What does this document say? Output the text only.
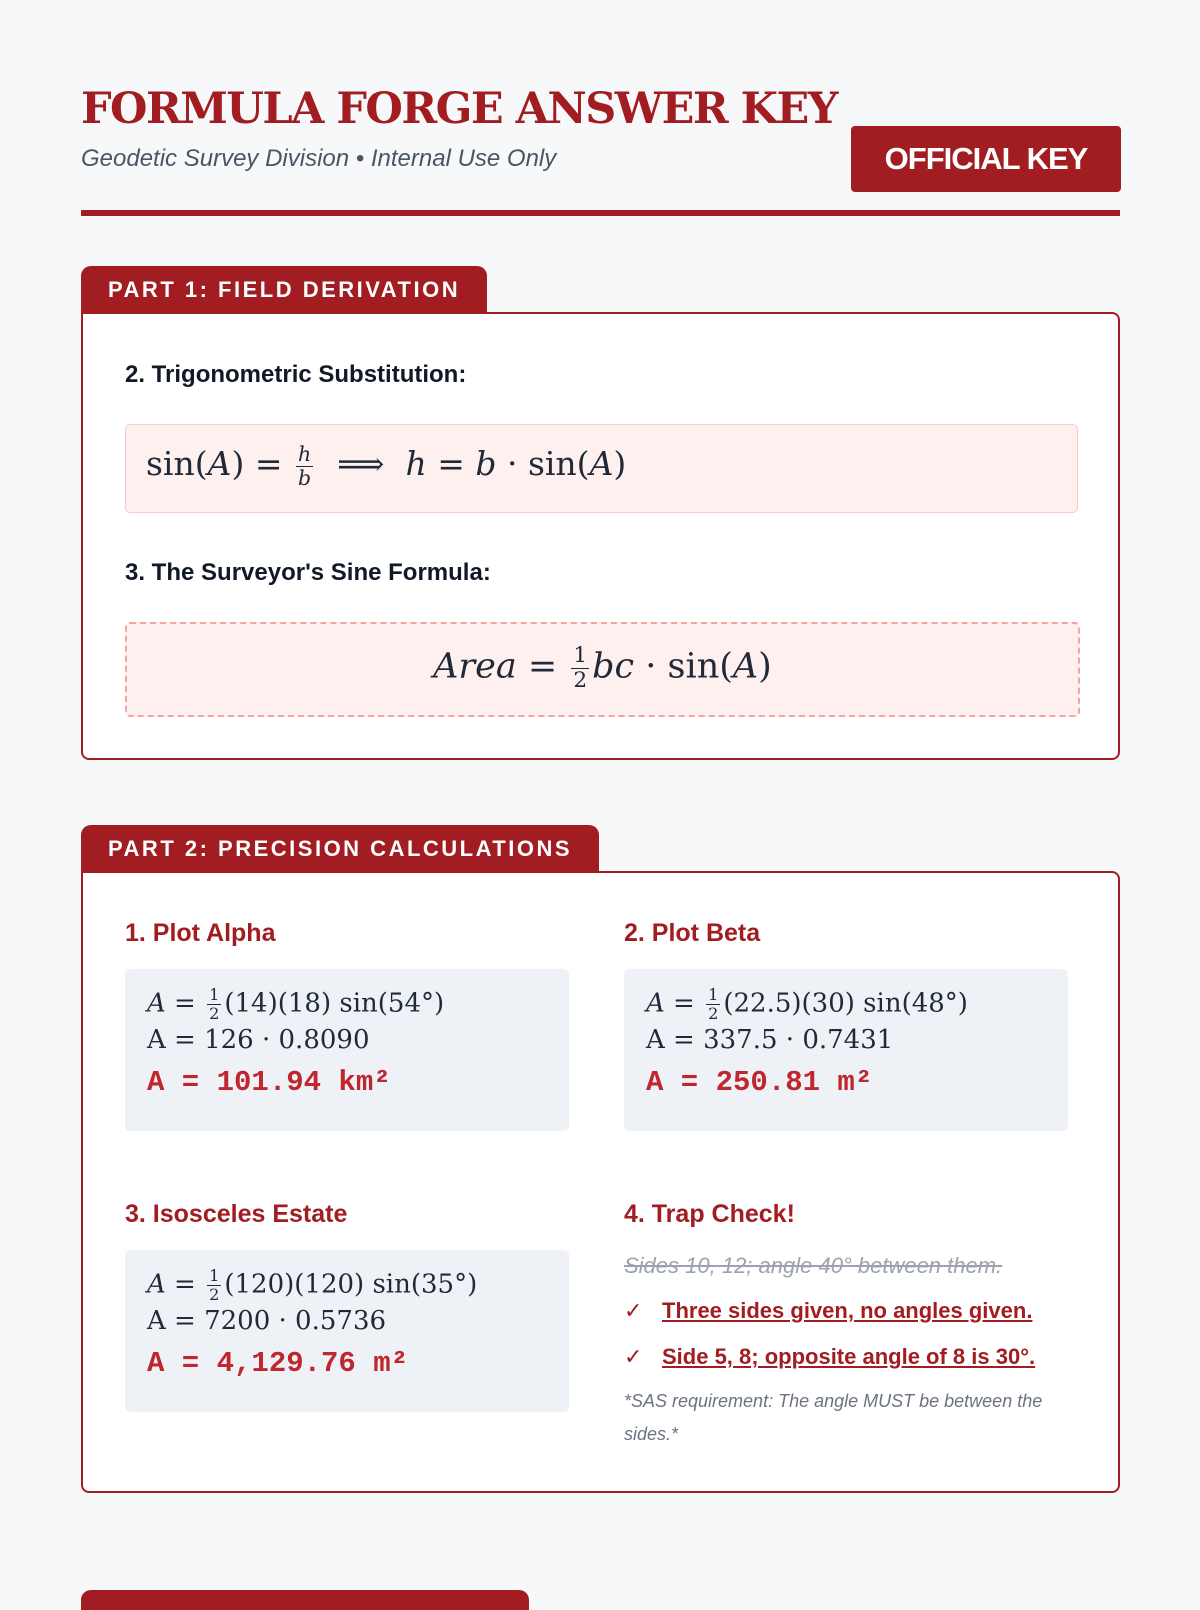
FORMULA FORGE ANSWER KEY
Geodetic Survey Division • Internal Use Only	OFFICIAL KEY
PART 1: FIELD DERIVATION
2. Trigonometric Substitution:
$\sin(A) = \frac{h}{b}$ ⟹  h = b · sin(A)
3. The Surveyor's Sine Formula:
Area = $\frac{1}{2}$ bc · sin(A)
PART 2: PRECISION CALCULATIONS
1. Plot Alpha
$A = \frac{1}{2} (14)(18)$ sin(54°)
A = 126 · 0.8090
A = 101.94 km²
2. Plot Beta
$A = \frac{1}{2} (22.5)(30)$ sin(48°)
A = 337.5 · 0.7431
A = 250.81 m²
3. Isosceles Estate
$A = \frac{1}{2} (120)(120)$ sin(35°)
A = 7200 · 0.5736
A = 4,129.76 m²
4. Trap Check!
Sides 10, 12; angle 40° between them.
✓ Three sides given, no angles given.
✓ Side 5, 8; opposite angle of 8 is 30°.
*SAS requirement: The angle MUST be between the sides.*
